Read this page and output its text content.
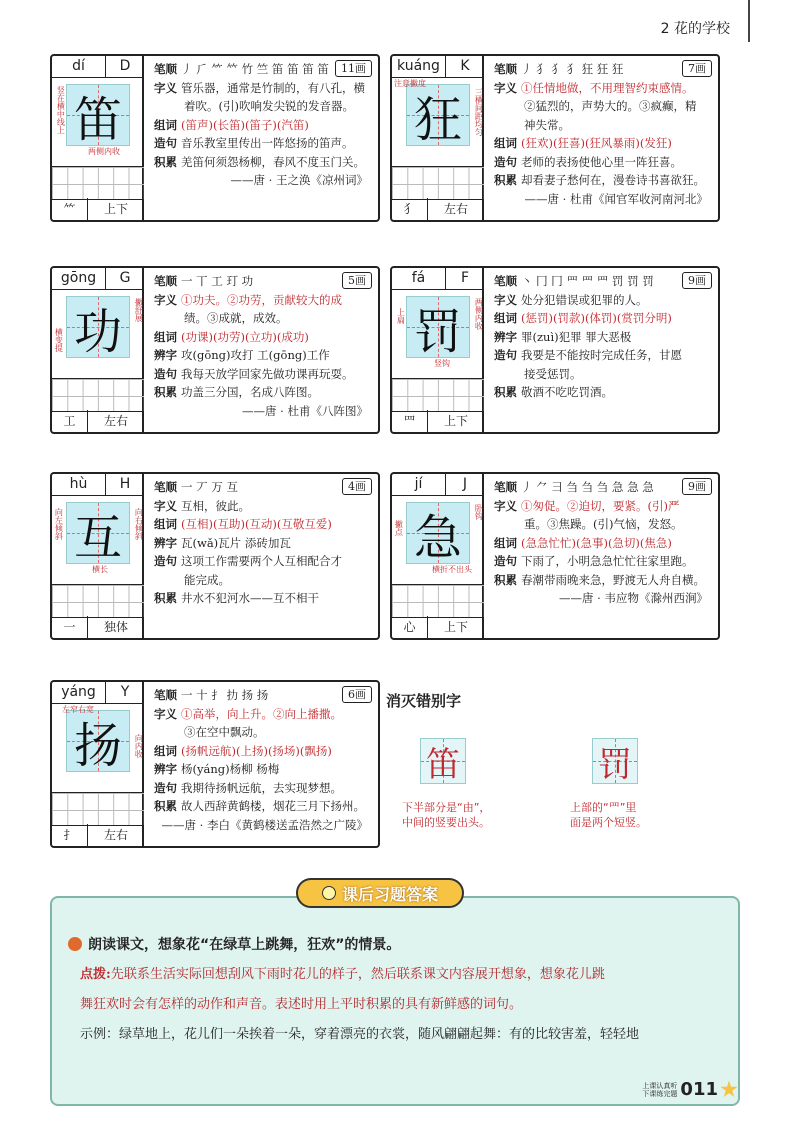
2 花的学校
dí	D
笛
竖在横中线上
两侧内收
⺮	上下
11画
笔顺 丿 ⺁ ⺮ 𥫗 竹 竺 笛 笛 笛 笛
字义 管乐器，通常是竹制的，有八孔，横
着吹。(引)吹响发尖锐的发音器。
组词 (笛声)(长笛)(笛子)(汽笛)
造句 音乐教室里传出一阵悠扬的笛声。
积累 羌笛何须怨杨柳，春风不度玉门关。
——唐 · 王之涣《凉州词》
kuáng	K
狂
注意撇度
三横间距均匀
犭	左右
7画
笔顺 丿 犭 犭 犭 狂 狂 狂
字义 ①任情地做，不用理智约束感情。
②猛烈的，声势大的。③疯癫，精
神失常。
组词 (狂欢)(狂喜)(狂风暴雨)(发狂)
造句 老师的表扬使他心里一阵狂喜。
积累 却看妻子愁何在，漫卷诗书喜欲狂。
——唐 · 杜甫《闻官军收河南河北》
gōng	G
功
横变提
撇舒展
工	左右
5画
笔顺 一 丅 工 玎 功
字义 ①功夫。②功劳，贡献较大的成
绩。③成就，成效。
组词 (功课)(功劳)(立功)(成功)
辨字 攻(gōng)攻打 工(gōng)工作
造句 我每天放学回家先做功课再玩耍。
积累 功盖三分国，名成八阵图。
——唐 · 杜甫《八阵图》
fá	F
罚
上扁	两侧内收
竖钩
罒	上下
9画
笔顺 丶 冂 冂 罒 罒 罒 罚 罚 罚
字义 处分犯错误或犯罪的人。
组词 (惩罚)(罚款)(体罚)(赏罚分明)
辨字 罪(zuì)犯罪 罪大恶极
造句 我要是不能按时完成任务，甘愿
接受惩罚。
积累 敬酒不吃吃罚酒。
hù	H
互
向左倾斜
横长
向右倾斜
一	独体
4画
笔顺 一 丆 万 互
字义 互相，彼此。
组词 (互相)(互助)(互动)(互敬互爱)
辨字 瓦(wǎ)瓦片 添砖加瓦
造句 这项工作需要两个人互相配合才
能完成。
积累 井水不犯河水——互不相干
jí	J
急
撇点
横折不出头
卧钩
心	上下
9画
笔顺 丿 ⺈ 彐 刍 刍 刍 急 急 急
字义 ①匆促。②迫切，要紧。(引)严
重。③焦躁。(引)气恼，发怒。
组词 (急急忙忙)(急事)(急切)(焦急)
造句 下雨了，小明急急忙忙往家里跑。
积累 春潮带雨晚来急，野渡无人舟自横。
——唐 · 韦应物《滁州西涧》
yáng	Y
扬
左窄右宽
向内收
扌	左右
6画
笔顺 一 十 扌 扐 扬 扬
字义 ①高举，向上升。②向上播撒。
③在空中飘动。
组词 (扬帆远航)(上扬)(扬场)(飘扬)
辨字 杨(yáng)杨柳 杨梅
造句 我期待扬帆远航，去实现梦想。
积累 故人西辞黄鹤楼，烟花三月下扬州。
——唐 · 李白《黄鹤楼送孟浩然之广陵》
消灭错别字
笛
下半部分是“由”，
中间的竖要出头。
罚
上部的“罒”里
面是两个短竖。
课后习题答案
朗读课文，想象花“在绿草上跳舞，狂欢”的情景。
点拨:先联系生活实际回想刮风下雨时花儿的样子，然后联系课文内容展开想象，想象花儿跳
舞狂欢时会有怎样的动作和声音。表述时用上平时积累的具有新鲜感的词句。
示例：绿草地上，花儿们一朵挨着一朵，穿着漂亮的衣裳，随风翩翩起舞：有的比较害羞，轻轻地
上课认真听
下课练完题 011
